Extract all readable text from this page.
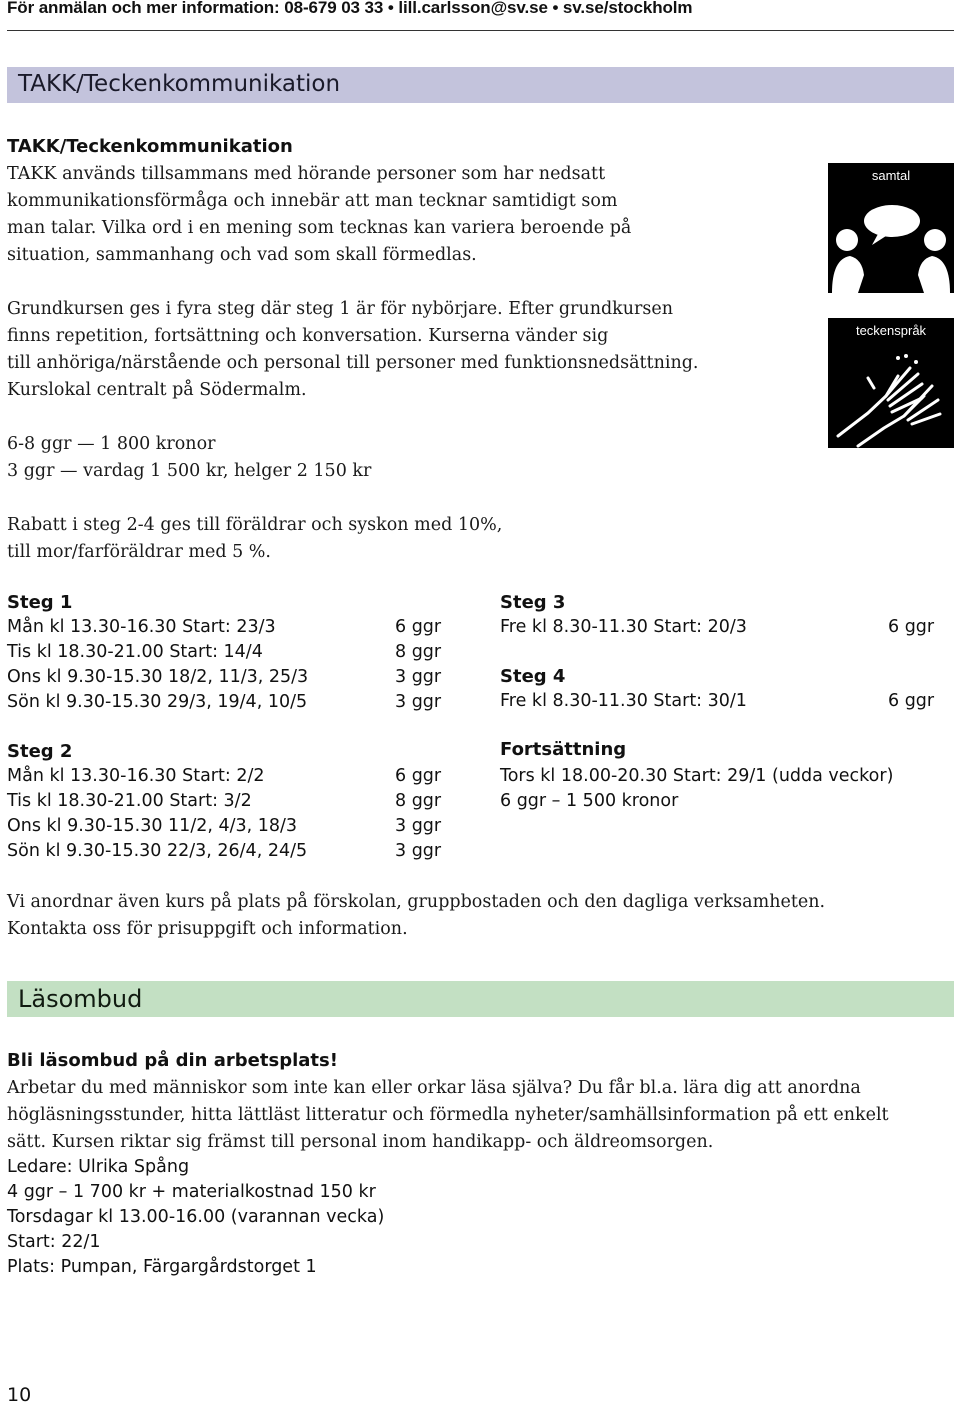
För anmälan och mer information: 08-679 03 33 • lill.carlsson@sv.se • sv.se/stockholm
TAKK/Teckenkommunikation
TAKK/Teckenkommunikation
TAKK används tillsammans med hörande personer som har nedsatt
kommunikationsförmåga och innebär att man tecknar samtidigt som
man talar. Vilka ord i en mening som tecknas kan variera beroende på
situation, sammanhang och vad som skall förmedlas.
Grundkursen ges i fyra steg där steg 1 är för nybörjare. Efter grundkursen
finns repetition, fortsättning och konversation. Kurserna vänder sig
till anhöriga/närstående och personal till personer med funktionsnedsättning.
Kurslokal centralt på Södermalm.
6-8 ggr — 1 800 kronor
3 ggr — vardag 1 500 kr, helger 2 150 kr
Rabatt i steg 2-4 ges till föräldrar och syskon med 10%,
till mor/farföräldrar med 5 %.
samtal
teckenspråk
Steg 1
Mån kl 13.30-16.30 Start: 23/3	6 ggr
Tis kl 18.30-21.00 Start: 14/4	8 ggr
Ons kl 9.30-15.30 18/2, 11/3, 25/3	3 ggr
Sön kl 9.30-15.30 29/3, 19/4, 10/5	3 ggr
Steg 2
Mån kl 13.30-16.30 Start: 2/2	6 ggr
Tis kl 18.30-21.00 Start: 3/2	8 ggr
Ons kl 9.30-15.30 11/2, 4/3, 18/3	3 ggr
Sön kl 9.30-15.30 22/3, 26/4, 24/5	3 ggr
Steg 3
Fre kl 8.30-11.30 Start: 20/3	6 ggr
Steg 4
Fre kl 8.30-11.30 Start: 30/1	6 ggr
Fortsättning
Tors kl 18.00-20.30 Start: 29/1 (udda veckor)
6 ggr – 1 500 kronor
Vi anordnar även kurs på plats på förskolan, gruppbostaden och den dagliga verksamheten.
Kontakta oss för prisuppgift och information.
Läsombud
Bli läsombud på din arbetsplats!
Arbetar du med människor som inte kan eller orkar läsa själva? Du får bl.a. lära dig att anordna
högläsningsstunder, hitta lättläst litteratur och förmedla nyheter/samhällsinformation på ett enkelt
sätt. Kursen riktar sig främst till personal inom handikapp- och äldreomsorgen.
Ledare: Ulrika Spång
4 ggr – 1 700 kr + materialkostnad 150 kr
Torsdagar kl 13.00-16.00 (varannan vecka)
Start: 22/1
Plats: Pumpan, Färgargårdstorget 1
10
